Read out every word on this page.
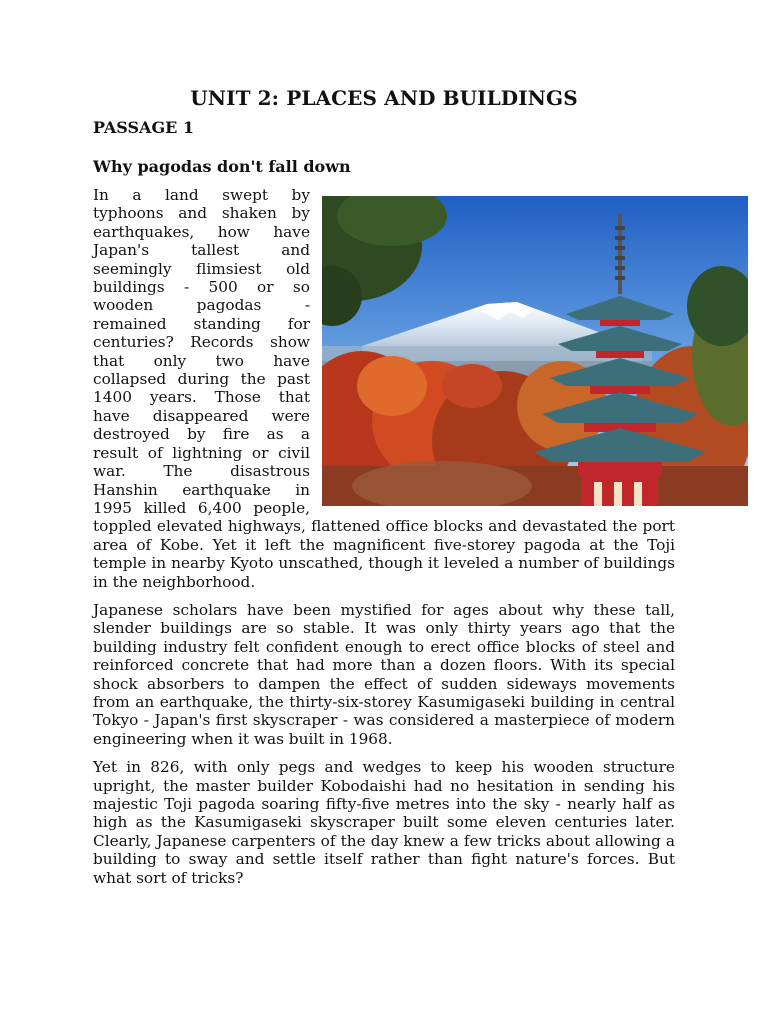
UNIT 2: PLACES AND BUILDINGS
PASSAGE 1
Why pagodas don't fall down

In a land swept by typhoons and shaken by earthquakes, how have Japan's tallest and seemingly flimsiest old buildings - 500 or so wooden pagodas - remained standing for centuries? Records show that only two have collapsed during the past 1400 years. Those that have disappeared were destroyed by fire as a result of lightning or civil war. The disastrous Hanshin earthquake in 1995 killed 6,400 people, toppled elevated highways, flattened office blocks and devastated the port area of Kobe. Yet it left the magnificent five-storey pagoda at the Toji temple in nearby Kyoto unscathed, though it leveled a number of buildings in the neighborhood.

Japanese scholars have been mystified for ages about why these tall, slender buildings are so stable. It was only thirty years ago that the building industry felt confident enough to erect office blocks of steel and reinforced concrete that had more than a dozen floors. With its special shock absorbers to dampen the effect of sudden sideways movements from an earthquake, the thirty-six-storey Kasumigaseki building in central Tokyo - Japan's first skyscraper - was considered a masterpiece of modern engineering when it was built in 1968.

Yet in 826, with only pegs and wedges to keep his wooden structure upright, the master builder Kobodaishi had no hesitation in sending his majestic Toji pagoda soaring fifty-five metres into the sky - nearly half as high as the Kasumigaseki skyscraper built some eleven centuries later. Clearly, Japanese carpenters of the day knew a few tricks about allowing a building to sway and settle itself rather than fight nature's forces. But what sort of tricks?
